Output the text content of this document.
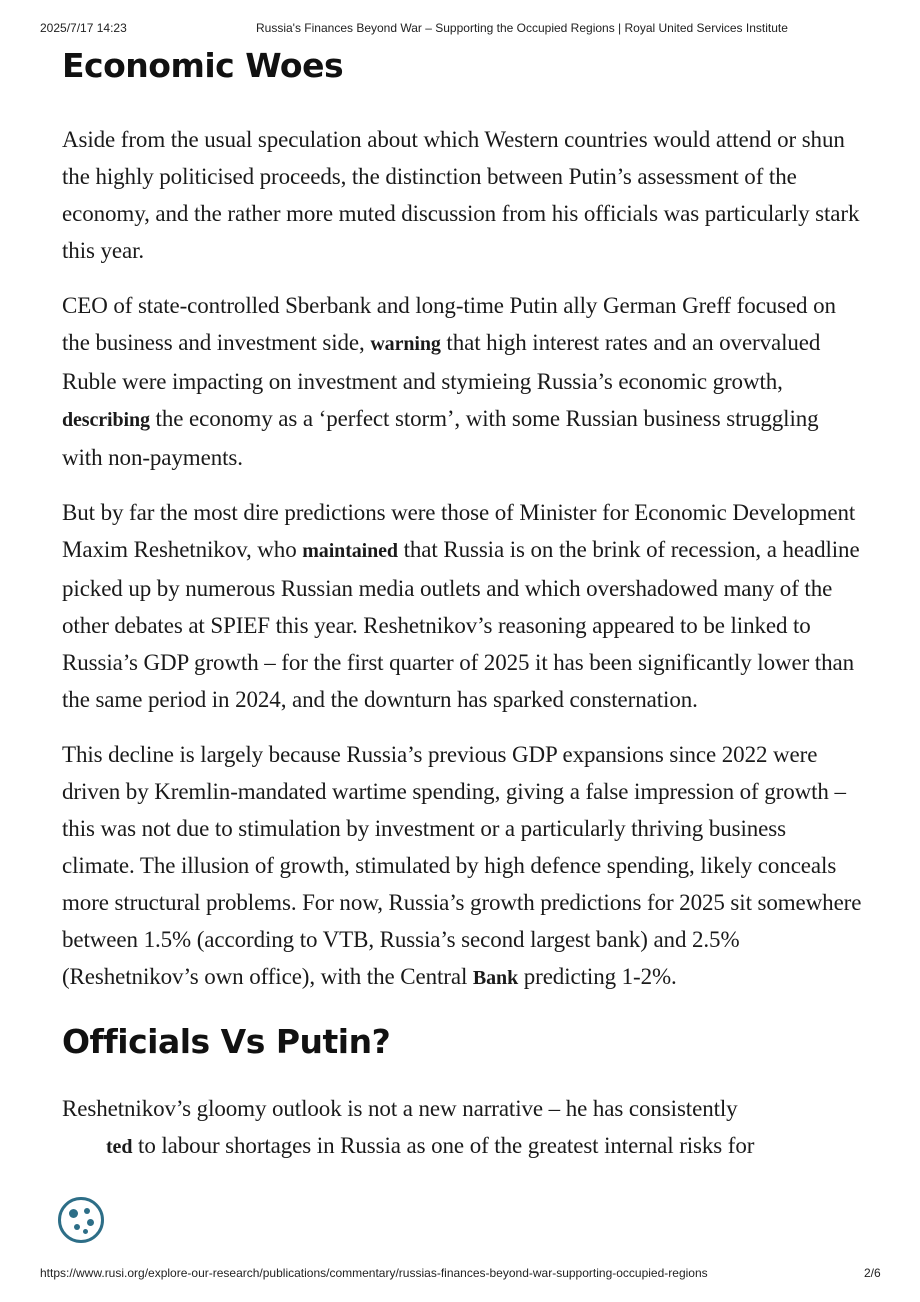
2025/7/17 14:23	Russia's Finances Beyond War – Supporting the Occupied Regions | Royal United Services Institute
Economic Woes

Aside from the usual speculation about which Western countries would attend or shun the highly politicised proceeds, the distinction between Putin’s assessment of the economy, and the rather more muted discussion from his officials was particularly stark this year.

CEO of state-controlled Sberbank and long-time Putin ally German Greff focused on the business and investment side, warning that high interest rates and an overvalued Ruble were impacting on investment and stymieing Russia’s economic growth, describing the economy as a ‘perfect storm’, with some Russian business struggling with non-payments.

But by far the most dire predictions were those of Minister for Economic Development Maxim Reshetnikov, who maintained that Russia is on the brink of recession, a headline picked up by numerous Russian media outlets and which overshadowed many of the other debates at SPIEF this year. Reshetnikov’s reasoning appeared to be linked to Russia’s GDP growth – for the first quarter of 2025 it has been significantly lower than the same period in 2024, and the downturn has sparked consternation.

This decline is largely because Russia’s previous GDP expansions since 2022 were driven by Kremlin-mandated wartime spending, giving a false impression of growth – this was not due to stimulation by investment or a particularly thriving business climate. The illusion of growth, stimulated by high defence spending, likely conceals more structural problems. For now, Russia’s growth predictions for 2025 sit somewhere between 1.5% (according to VTB, Russia’s second largest bank) and 2.5% (Reshetnikov’s own office), with the Central Bank predicting 1-2%.

Officials Vs Putin?

Reshetnikov’s gloomy outlook is not a new narrative – he has consistently
ted to labour shortages in Russia as one of the greatest internal risks for

https://www.rusi.org/explore-our-research/publications/commentary/russias-finances-beyond-war-supporting-occupied-regions	2/6
